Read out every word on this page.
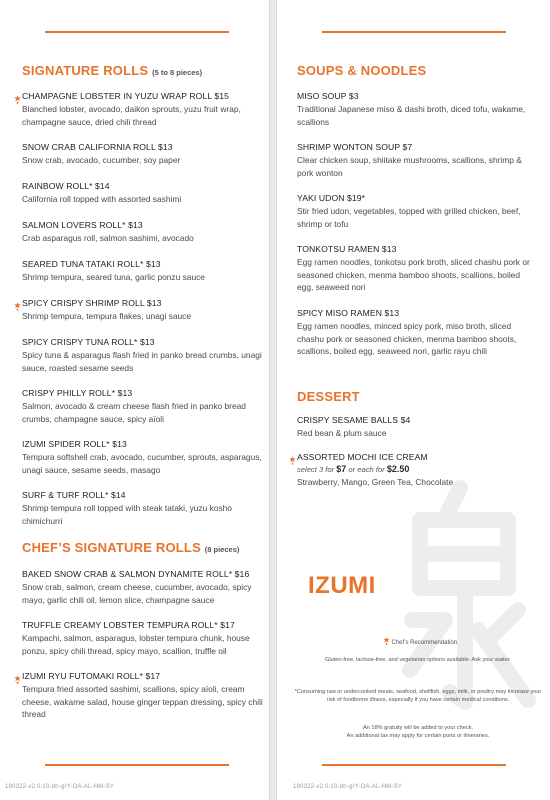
SIGNATURE ROLLS (5 to 8 pieces)
CHAMPAGNE LOBSTER IN YUZU WRAP ROLL $15
Blanched lobster, avocado, daikon sprouts, yuzu fruit wrap, champagne sauce, dried chili thread
SNOW CRAB CALIFORNIA ROLL $13
Snow crab, avocado, cucumber, soy paper
RAINBOW ROLL* $14
California roll topped with assorted sashimi
SALMON LOVERS ROLL* $13
Crab asparagus roll, salmon sashimi, avocado
SEARED TUNA TATAKI ROLL* $13
Shrimp tempura, seared tuna, garlic ponzu sauce
SPICY CRISPY SHRIMP ROLL $13
Shrimp tempura, tempura flakes, unagi sauce
SPICY CRISPY TUNA ROLL* $13
Spicy tuna & asparagus flash fried in panko bread crumbs, unagi sauce, roasted sesame seeds
CRISPY PHILLY ROLL* $13
Salmon, avocado & cream cheese flash fried in panko bread crumbs, champagne sauce, spicy aïoli
IZUMI SPIDER ROLL* $13
Tempura softshell crab, avocado, cucumber, sprouts, asparagus, unagi sauce, sesame seeds, masago
SURF & TURF ROLL* $14
Shrimp tempura roll topped with steak tataki, yuzu kosho chimichurri
CHEF’S SIGNATURE ROLLS (8 pieces)
BAKED SNOW CRAB & SALMON DYNAMITE ROLL* $16
Snow crab, salmon, cream cheese, cucumber, avocado, spicy mayo, garlic chili oil, lemon slice, champagne sauce
TRUFFLE CREAMY LOBSTER TEMPURA ROLL* $17
Kampachi, salmon, asparagus, lobster tempura chunk, house ponzu, spicy chili thread, spicy mayo, scallion, truffle oil
IZUMI RYU FUTOMAKI ROLL* $17
Tempura fried assorted sashimi, scallions, spicy aïoli, cream cheese, wakame salad, house ginger teppan dressing, spicy chili thread
190322-v2.0.10-dn-grY-OA-AL-HM-SY	190322-v2.0.10-dn-grY-OA-AL-HM-SY
SOUPS & NOODLES
MISO SOUP $3
Traditional Japanese miso & dashi broth, diced tofu, wakame, scallions
SHRIMP WONTON SOUP $7
Clear chicken soup, shiitake mushrooms, scallions, shrimp & pork wonton
YAKI UDON $19*
Stir fried udon, vegetables, topped with grilled chicken, beef, shrimp or tofu
TONKOTSU RAMEN $13
Egg ramen noodles, tonkotsu pork broth, sliced chashu pork or seasoned chicken, menma bamboo shoots, scallions, boiled egg, seaweed nori
SPICY MISO RAMEN $13
Egg ramen noodles, minced spicy pork, miso broth, sliced chashu pork or seasoned chicken, menma bamboo shoots, scallions, boiled egg, seaweed nori, garlic rayu chili
DESSERT
CRISPY SESAME BALLS $4
Red bean & plum sauce
ASSORTED MOCHI ICE CREAM
select 3 for $7 or each for $2.50
Strawberry, Mango, Green Tea, Chocolate
IZUMI
Chef’s Recommendation
Gluten-free, lactose-free, and vegetarian options available. Ask your waiter.
*Consuming raw or undercooked meats, seafood, shellfish, eggs, milk, or poultry may increase your risk of foodborne illness, especially if you have certain medical conditions.
An 18% gratuity will be added to your check.
An additional tax may apply for certain ports or itineraries.
